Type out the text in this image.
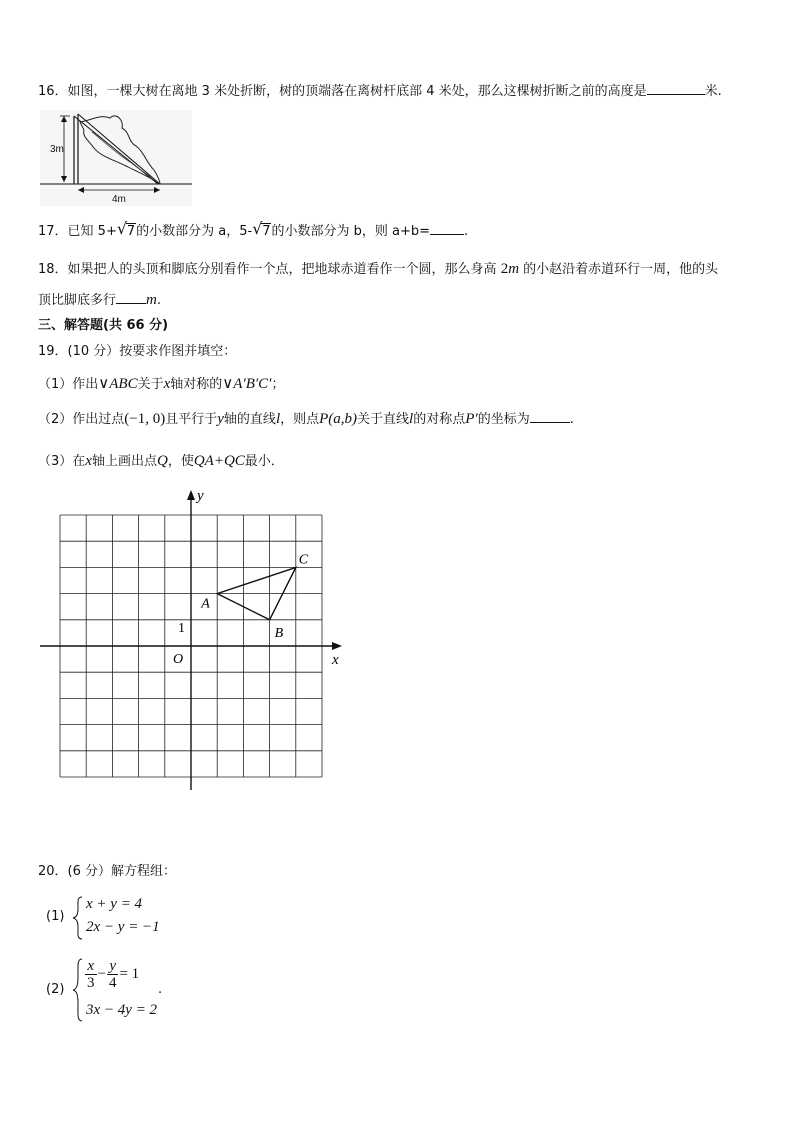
16．如图，一棵大树在离地 3 米处折断，树的顶端落在离树杆底部 4 米处，那么这棵树折断之前的高度是	米.
3m
4m
17．已知 5+ √ 7的小数部分为 a，5- √ 7的小数部分为 b，则 a+b=	.
18．如果把人的头顶和脚底分别看作一个点，把地球赤道看作一个圆，那么身高 2m 的小赵沿着赤道环行一周，他的头
顶比脚底多行 m.
三、解答题(共 66 分)
19．(10 分）按要求作图并填空：
（1）作出∨ABC关于x轴对称的∨A′B′C′；
（2）作出过点(−1, 0)且平行于y轴的直线l，则点P(a,b)关于直线l的对称点P′的坐标为	.
（3）在x轴上画出点Q，使QA+QC最小．
x
y
O
1
A
B
C
20．(6 分）解方程组：
(1)
x + y = 4
2x − y = −1
$(2) \frac{x}{3} - \frac{y}{4} = 1$
3x − 4y = 2
.
